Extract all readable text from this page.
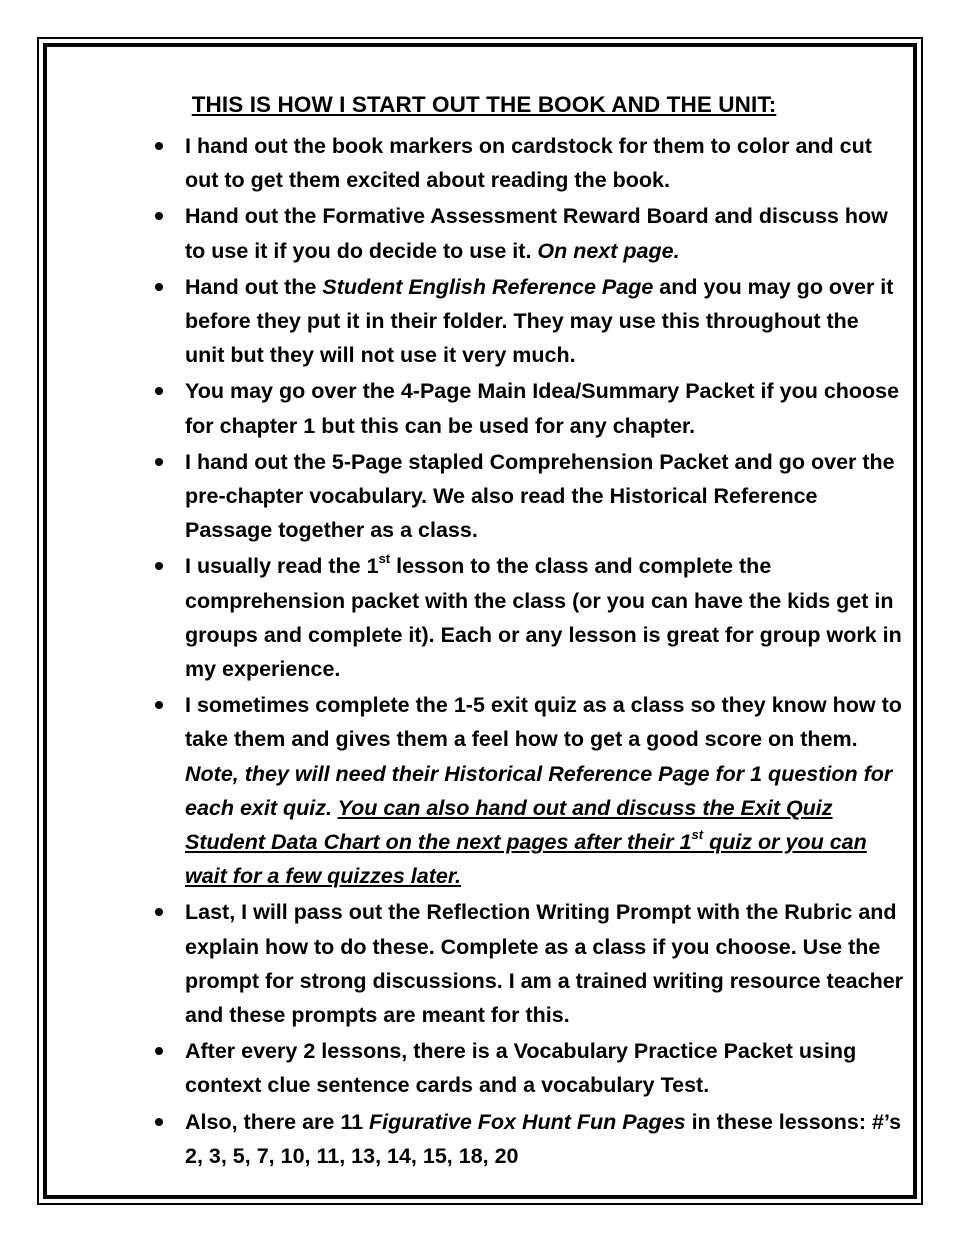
THIS IS HOW I START OUT THE BOOK AND THE UNIT:
I hand out the book markers on cardstock for them to color and cut out to get them excited about reading the book.
Hand out the Formative Assessment Reward Board and discuss how to use it if you do decide to use it. On next page.
Hand out the Student English Reference Page and you may go over it before they put it in their folder. They may use this throughout the unit but they will not use it very much.
You may go over the 4-Page Main Idea/Summary Packet if you choose for chapter 1 but this can be used for any chapter.
I hand out the 5-Page stapled Comprehension Packet and go over the pre-chapter vocabulary. We also read the Historical Reference Passage together as a class.
I usually read the 1st lesson to the class and complete the comprehension packet with the class (or you can have the kids get in groups and complete it). Each or any lesson is great for group work in my experience.
I sometimes complete the 1-5 exit quiz as a class so they know how to take them and gives them a feel how to get a good score on them. Note, they will need their Historical Reference Page for 1 question for each exit quiz. You can also hand out and discuss the Exit Quiz Student Data Chart on the next pages after their 1st quiz or you can wait for a few quizzes later.
Last, I will pass out the Reflection Writing Prompt with the Rubric and explain how to do these. Complete as a class if you choose. Use the prompt for strong discussions. I am a trained writing resource teacher and these prompts are meant for this.
After every 2 lessons, there is a Vocabulary Practice Packet using context clue sentence cards and a vocabulary Test.
Also, there are 11 Figurative Fox Hunt Fun Pages in these lessons: #’s 2, 3, 5, 7, 10, 11, 13, 14, 15, 18, 20
